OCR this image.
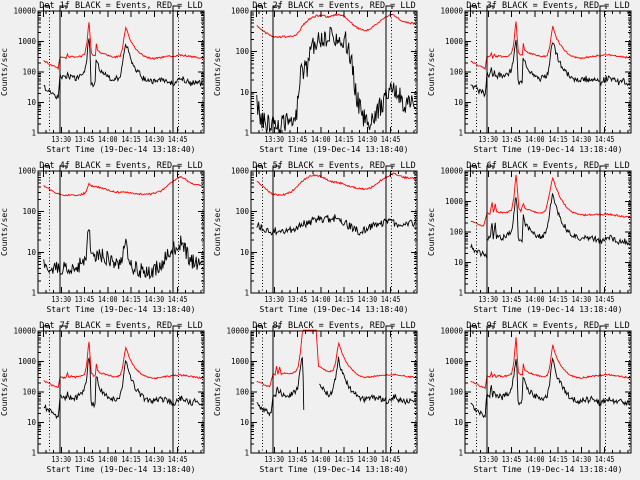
1
10
100
1000
10000
13:30 13:45 14:00 14:15 14:30 14:45
Det 1f BLACK = Events, RED = LLD
Start Time (19-Dec-14 13:18:40)
Counts/sec
1
10
100
1000
13:30 13:45 14:00 14:15 14:30 14:45
Det 2f BLACK = Events, RED = LLD
Start Time (19-Dec-14 13:18:40)
Counts/sec
1
10
100
1000
10000
13:30 13:45 14:00 14:15 14:30 14:45
Det 3f BLACK = Events, RED = LLD
Start Time (19-Dec-14 13:18:40)
Counts/sec
1
10
100
1000
13:30 13:45 14:00 14:15 14:30 14:45
Det 4f BLACK = Events, RED = LLD
Start Time (19-Dec-14 13:18:40)
Counts/sec
1
10
100
1000
13:30 13:45 14:00 14:15 14:30 14:45
Det 5f BLACK = Events, RED = LLD
Start Time (19-Dec-14 13:18:40)
Counts/sec
1
10
100
1000
10000
13:30 13:45 14:00 14:15 14:30 14:45
Det 6f BLACK = Events, RED = LLD
Start Time (19-Dec-14 13:18:40)
Counts/sec
1
10
100
1000
10000
13:30 13:45 14:00 14:15 14:30 14:45
Det 7f BLACK = Events, RED = LLD
Start Time (19-Dec-14 13:18:40)
Counts/sec
1
10
100
1000
10000
13:30 13:45 14:00 14:15 14:30 14:45
Det 8f BLACK = Events, RED = LLD
Start Time (19-Dec-14 13:18:40)
Counts/sec
1
10
100
1000
10000
13:30 13:45 14:00 14:15 14:30 14:45
Det 9f BLACK = Events, RED = LLD
Start Time (19-Dec-14 13:18:40)
Counts/sec
